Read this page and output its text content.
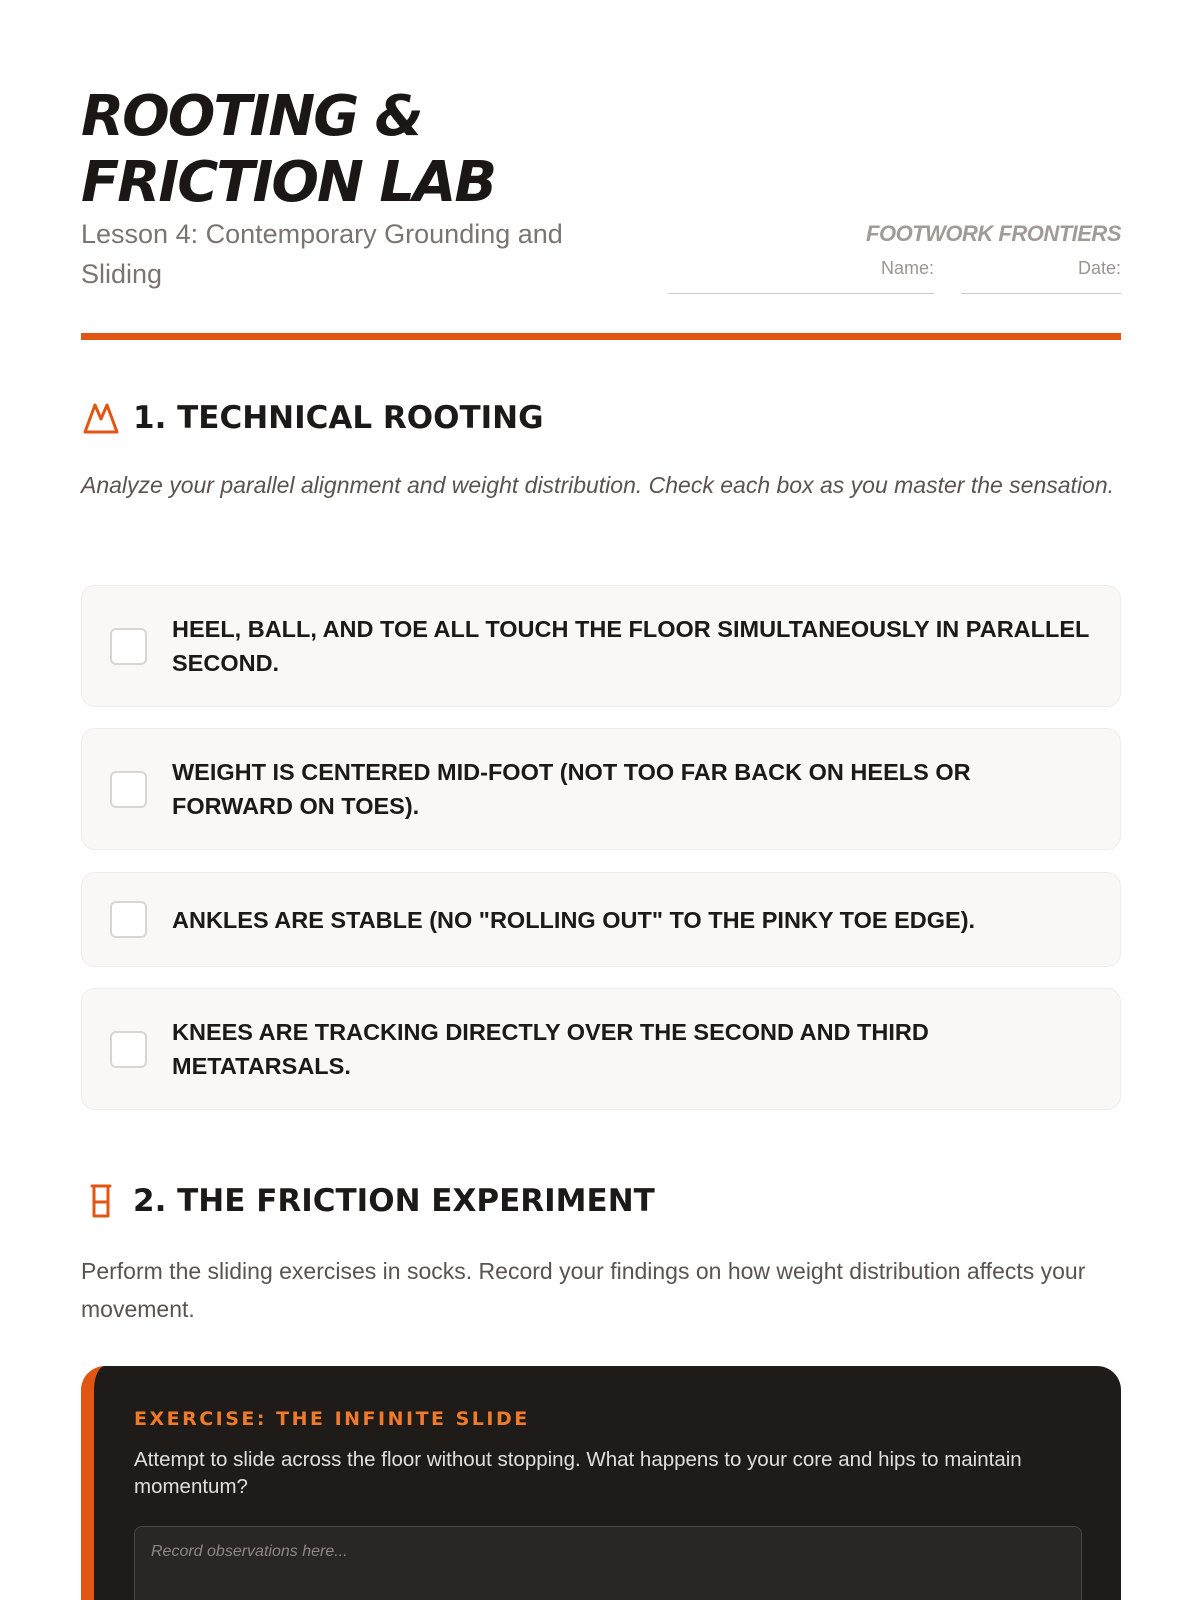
ROOTING &
FRICTION LAB
Lesson 4: Contemporary Grounding and Sliding
FOOTWORK FRONTIERS
Name:	Date:
1. TECHNICAL ROOTING
Analyze your parallel alignment and weight distribution. Check each box as you master the sensation.
HEEL, BALL, AND TOE ALL TOUCH THE FLOOR SIMULTANEOUSLY IN PARALLEL SECOND.
WEIGHT IS CENTERED MID-FOOT (NOT TOO FAR BACK ON HEELS OR FORWARD ON TOES).
ANKLES ARE STABLE (NO "ROLLING OUT" TO THE PINKY TOE EDGE).
KNEES ARE TRACKING DIRECTLY OVER THE SECOND AND THIRD METATARSALS.
2. THE FRICTION EXPERIMENT
Perform the sliding exercises in socks. Record your findings on how weight distribution affects your movement.
EXERCISE: THE INFINITE SLIDE
Attempt to slide across the floor without stopping. What happens to your core and hips to maintain momentum?
Record observations here...
